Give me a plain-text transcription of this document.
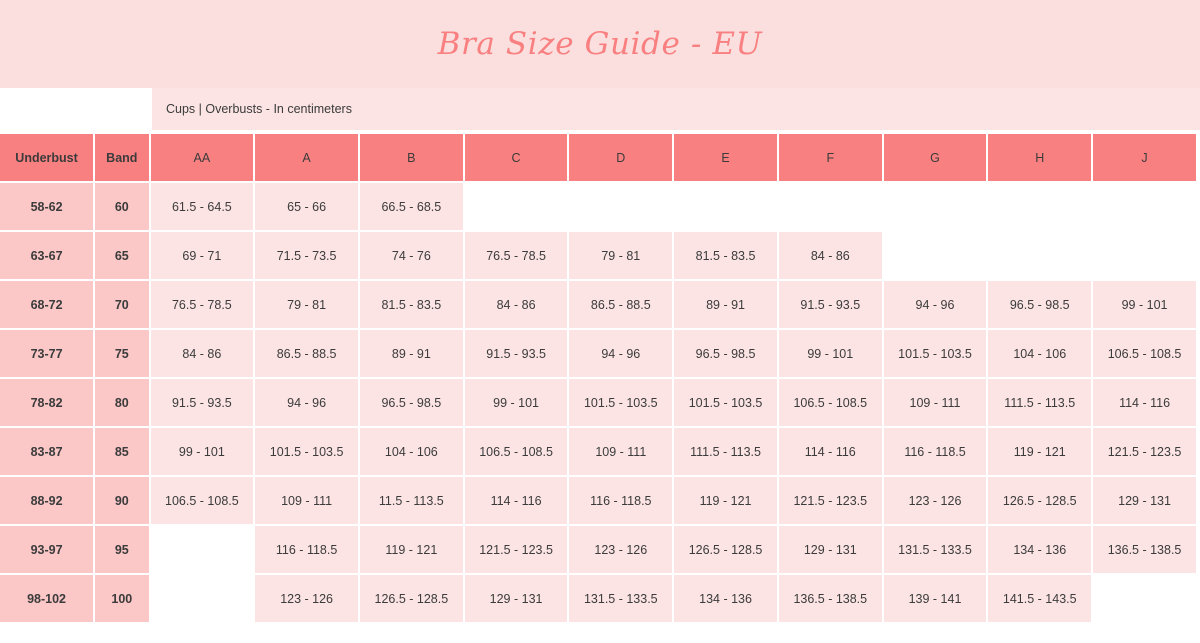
Bra Size Guide - EU
Cups | Overbusts - In centimeters
Underbust	Band	AA	A	B	C	D	E	F	G	H	J
58-62	60	61.5 - 64.5	65 - 66	66.5 - 68.5							
63-67	65	69 - 71	71.5 - 73.5	74 - 76	76.5 - 78.5	79 - 81	81.5 - 83.5	84 - 86			
68-72	70	76.5 - 78.5	79 - 81	81.5 - 83.5	84 - 86	86.5 - 88.5	89 - 91	91.5 - 93.5	94 - 96	96.5 - 98.5	99 - 101
73-77	75	84 - 86	86.5 - 88.5	89 - 91	91.5 - 93.5	94 - 96	96.5 - 98.5	99 - 101	101.5 - 103.5	104 - 106	106.5 - 108.5
78-82	80	91.5 - 93.5	94 - 96	96.5 - 98.5	99 - 101	101.5 - 103.5	101.5 - 103.5	106.5 - 108.5	109 - 111	111.5 - 113.5	114 - 116
83-87	85	99 - 101	101.5 - 103.5	104 - 106	106.5 - 108.5	109 - 111	111.5 - 113.5	114 - 116	116 - 118.5	119 - 121	121.5 - 123.5
88-92	90	106.5 - 108.5	109 - 111	11.5 - 113.5	114 - 116	116 - 118.5	119 - 121	121.5 - 123.5	123 - 126	126.5 - 128.5	129 - 131
93-97	95		116 - 118.5	119 - 121	121.5 - 123.5	123 - 126	126.5 - 128.5	129 - 131	131.5 - 133.5	134 - 136	136.5 - 138.5
98-102	100		123 - 126	126.5 - 128.5	129 - 131	131.5 - 133.5	134 - 136	136.5 - 138.5	139 - 141	141.5 - 143.5	
